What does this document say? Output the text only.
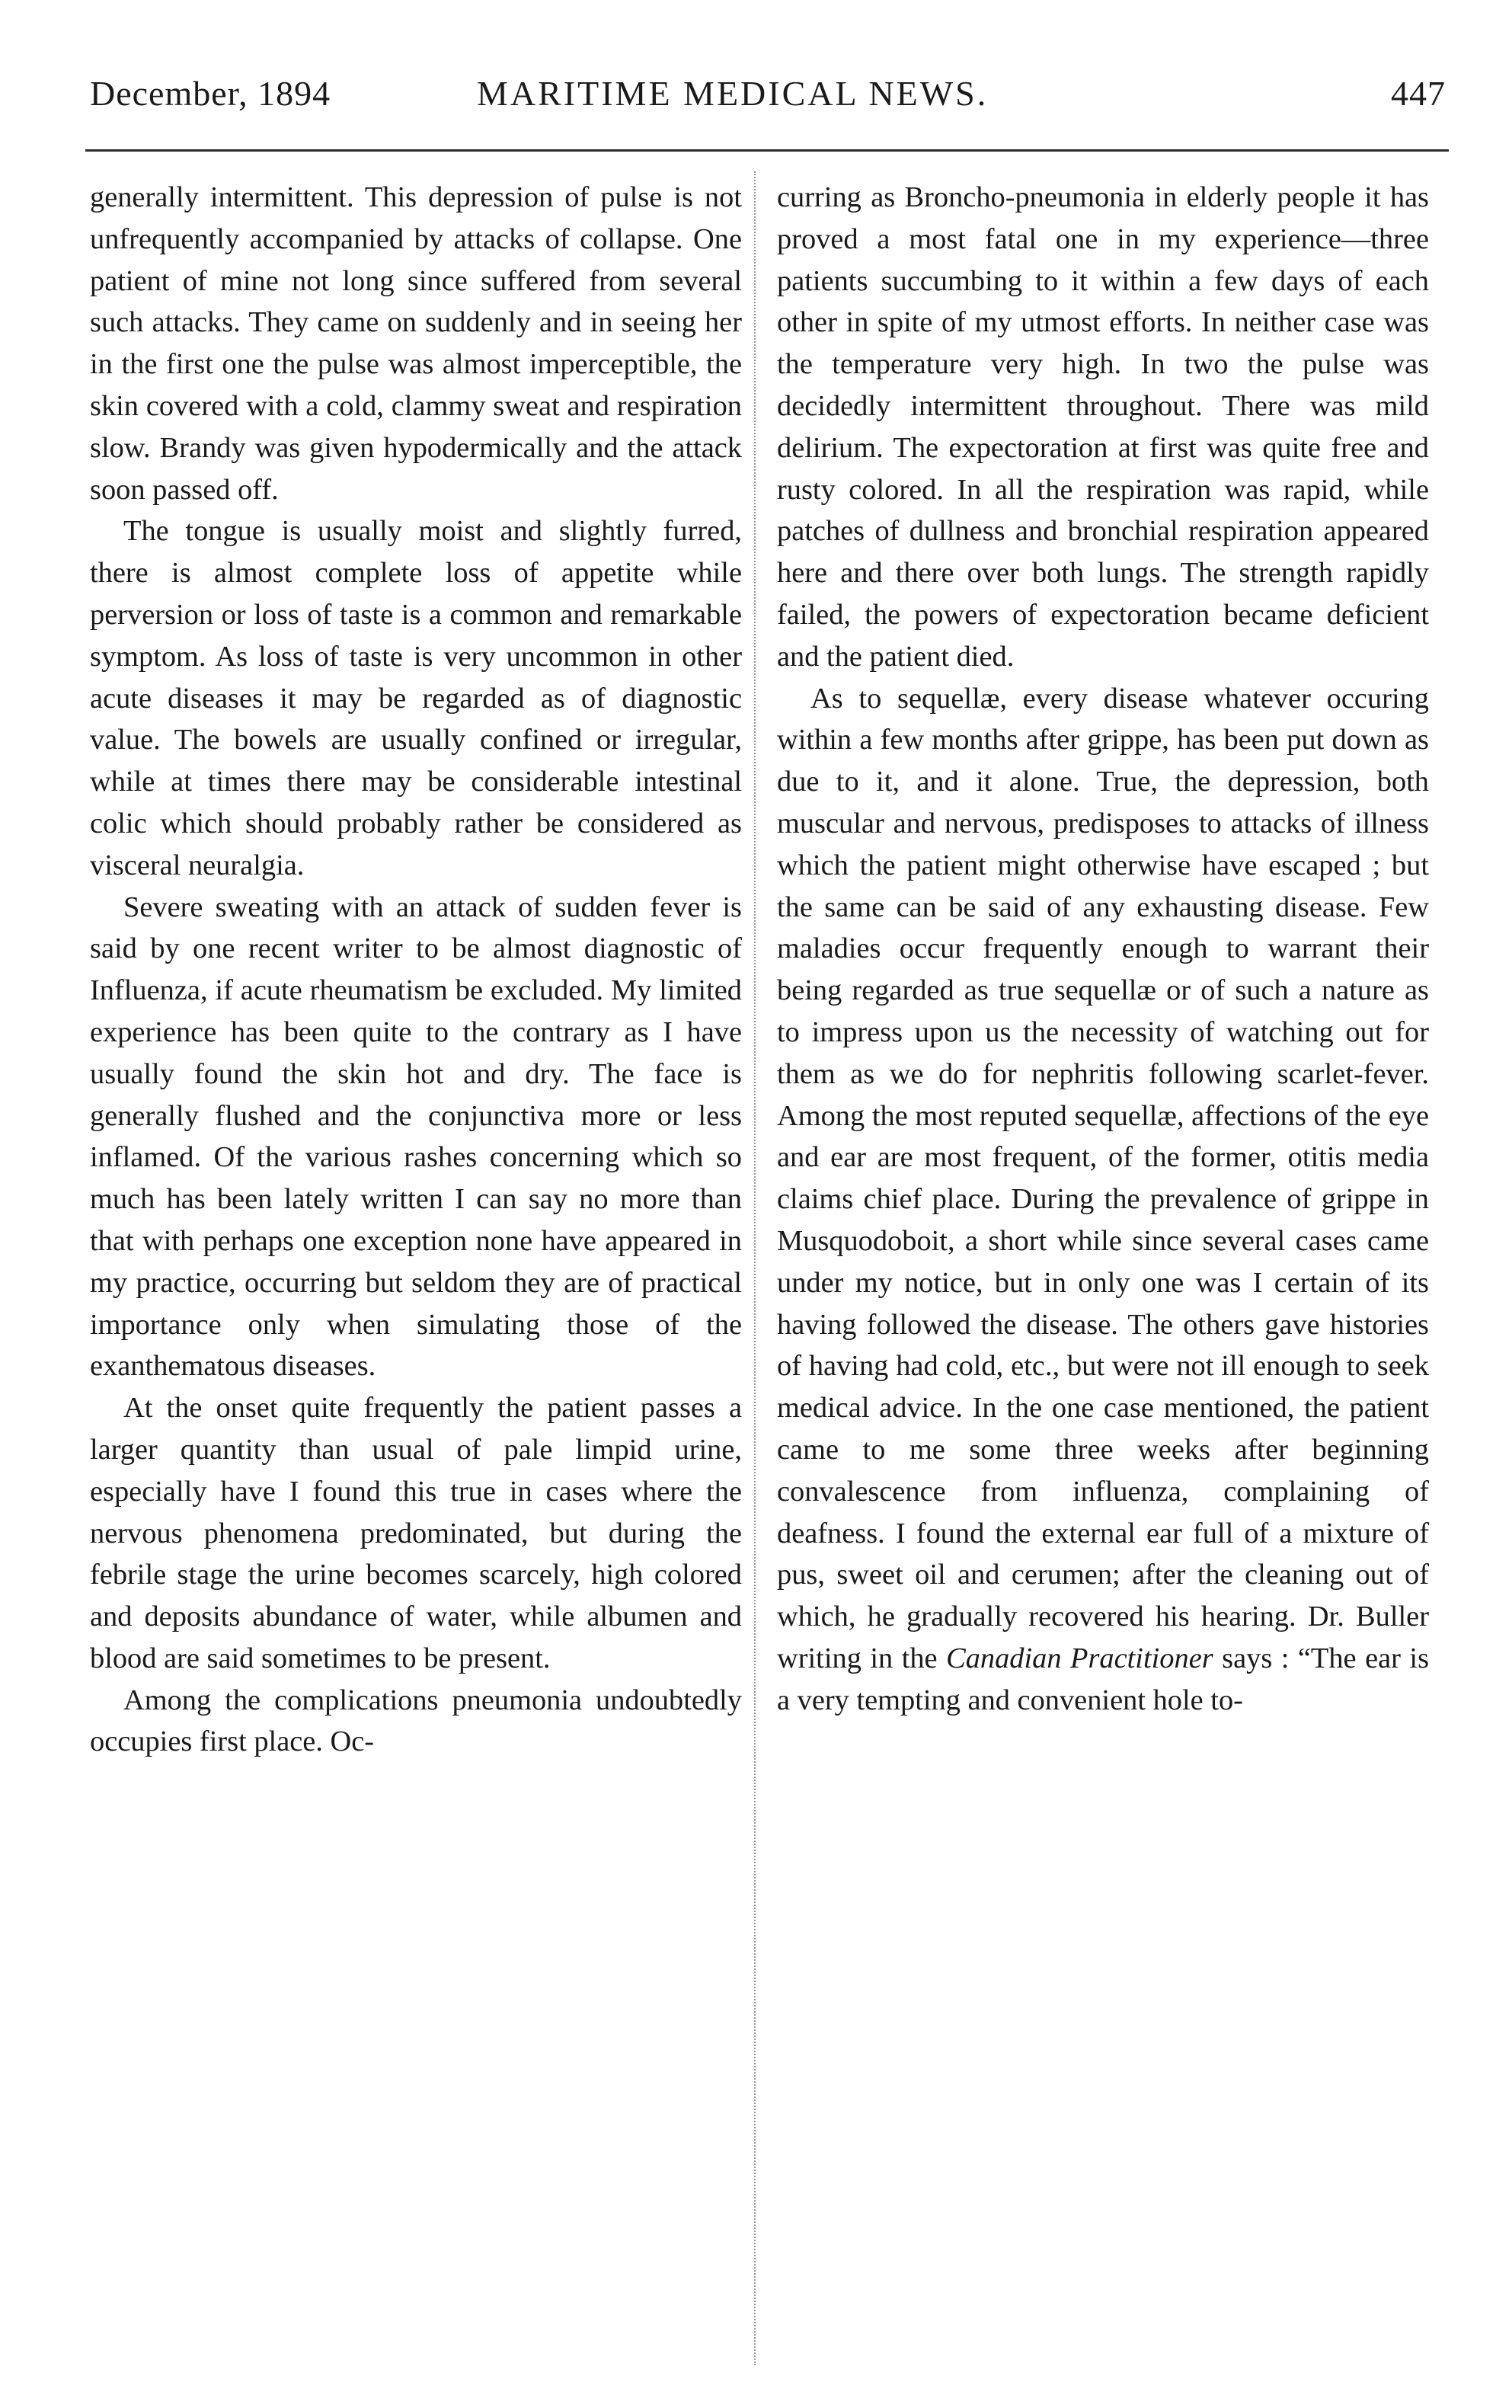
December, 1894	MARITIME MEDICAL NEWS.	447

generally intermittent. This depression of pulse is not unfrequently accompanied by attacks of collapse. One patient of mine not long since suffered from several such attacks. They came on suddenly and in seeing her in the first one the pulse was almost imperceptible, the skin covered with a cold, clammy sweat and respiration slow. Brandy was given hypodermically and the attack soon passed off.

The tongue is usually moist and slightly furred, there is almost complete loss of appetite while perversion or loss of taste is a common and remarkable symptom. As loss of taste is very uncommon in other acute diseases it may be regarded as of diagnostic value. The bowels are usually confined or irregular, while at times there may be considerable intestinal colic which should probably rather be considered as visceral neuralgia.

Severe sweating with an attack of sudden fever is said by one recent writer to be almost diagnostic of Influenza, if acute rheumatism be excluded. My limited experience has been quite to the contrary as I have usually found the skin hot and dry. The face is generally flushed and the conjunctiva more or less inflamed. Of the various rashes concerning which so much has been lately written I can say no more than that with perhaps one exception none have appeared in my practice, occurring but seldom they are of practical importance only when simulating those of the exanthematous diseases.

At the onset quite frequently the patient passes a larger quantity than usual of pale limpid urine, especially have I found this true in cases where the nervous phenomena predominated, but during the febrile stage the urine becomes scarcely, high colored and deposits abundance of water, while albumen and blood are said sometimes to be present.

Among the complications pneumonia undoubtedly occupies first place. Oc-

curring as Broncho-pneumonia in elderly people it has proved a most fatal one in my experience—three patients succumbing to it within a few days of each other in spite of my utmost efforts. In neither case was the temperature very high. In two the pulse was decidedly intermittent throughout. There was mild delirium. The expectoration at first was quite free and rusty colored. In all the respiration was rapid, while patches of dullness and bronchial respiration appeared here and there over both lungs. The strength rapidly failed, the powers of expectoration became deficient and the patient died.

As to sequellæ, every disease whatever occuring within a few months after grippe, has been put down as due to it, and it alone. True, the depression, both muscular and nervous, predisposes to attacks of illness which the patient might otherwise have escaped ; but the same can be said of any exhausting disease. Few maladies occur frequently enough to warrant their being regarded as true sequellæ or of such a nature as to impress upon us the necessity of watching out for them as we do for nephritis following scarlet-fever. Among the most reputed sequellæ, affections of the eye and ear are most frequent, of the former, otitis media claims chief place. During the prevalence of grippe in Musquodoboit, a short while since several cases came under my notice, but in only one was I certain of its having followed the disease. The others gave histories of having had cold, etc., but were not ill enough to seek medical advice. In the one case mentioned, the patient came to me some three weeks after beginning convalescence from influenza, complaining of deafness. I found the external ear full of a mixture of pus, sweet oil and cerumen; after the cleaning out of which, he gradually recovered his hearing. Dr. Buller writing in the Canadian Practitioner says : “The ear is a very tempting and convenient hole to-
